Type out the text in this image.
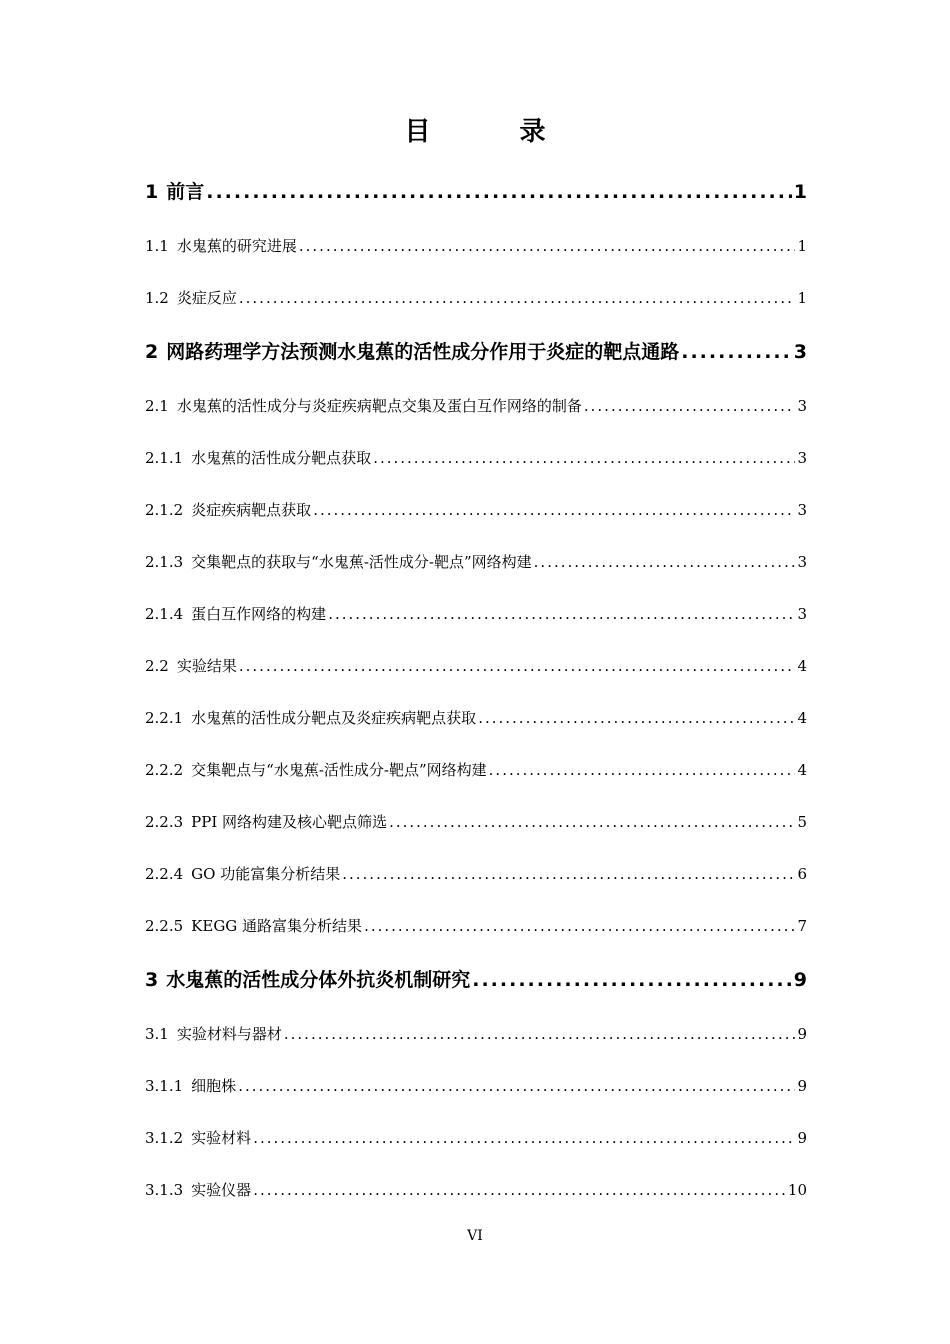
目 录
1 前言 .....	1
1.1 水鬼蕉的研究进展 .....	1
1.2 炎症反应 .....	1
2 网路药理学方法预测水鬼蕉的活性成分作用于炎症的靶点通路 .....	3
2.1 水鬼蕉的活性成分与炎症疾病靶点交集及蛋白互作网络的制备 .....	3
2.1.1 水鬼蕉的活性成分靶点获取 .....	3
2.1.2 炎症疾病靶点获取 .....	3
2.1.3 交集靶点的获取与“水鬼蕉-活性成分-靶点”网络构建 .....	3
2.1.4 蛋白互作网络的构建 .....	3
2.2 实验结果 .....	4
2.2.1 水鬼蕉的活性成分靶点及炎症疾病靶点获取 .....	4
2.2.2 交集靶点与“水鬼蕉-活性成分-靶点”网络构建 .....	4
2.2.3 PPI 网络构建及核心靶点筛选 .....	5
2.2.4 GO 功能富集分析结果 .....	6
2.2.5 KEGG 通路富集分析结果 .....	7
3 水鬼蕉的活性成分体外抗炎机制研究 .....	9
3.1 实验材料与器材 .....	9
3.1.1 细胞株 .....	9
3.1.2 实验材料 .....	9
3.1.3 实验仪器 .....	10
VI
